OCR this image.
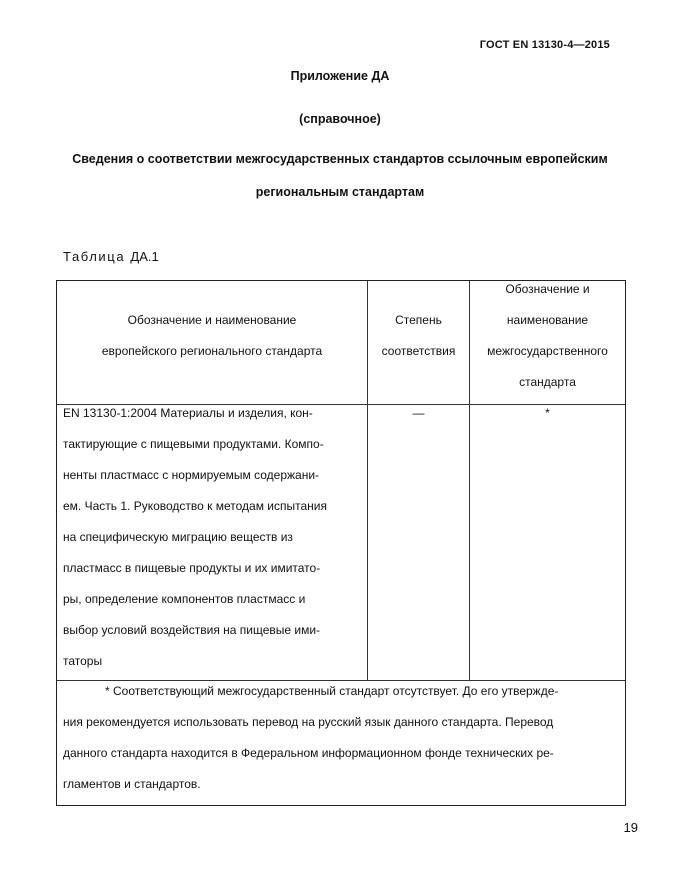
ГОСТ EN 13130-4—2015
Приложение ДА
(справочное)
Сведения о соответствии межгосударственных стандартов ссылочным европейским
региональным стандартам
Таблица ДА.1
Обозначение и наименование
европейского регионального стандарта
Степень
соответствия
Обозначение и
наименование
межгосударственного
стандарта
EN 13130-1:2004 Материалы и изделия, кон-
тактирующие с пищевыми продуктами. Компо-
ненты пластмасс с нормируемым содержани-
ем. Часть 1. Руководство к методам испытания
на специфическую миграцию веществ из
пластмасс в пищевые продукты и их имитато-
ры, определение компонентов пластмасс и
выбор условий воздействия на пищевые ими-
таторы
—	*
* Соответствующий межгосударственный стандарт отсутствует. До его утвержде-
ния рекомендуется использовать перевод на русский язык данного стандарта. Перевод
данного стандарта находится в Федеральном информационном фонде технических ре-
гламентов и стандартов.
19
